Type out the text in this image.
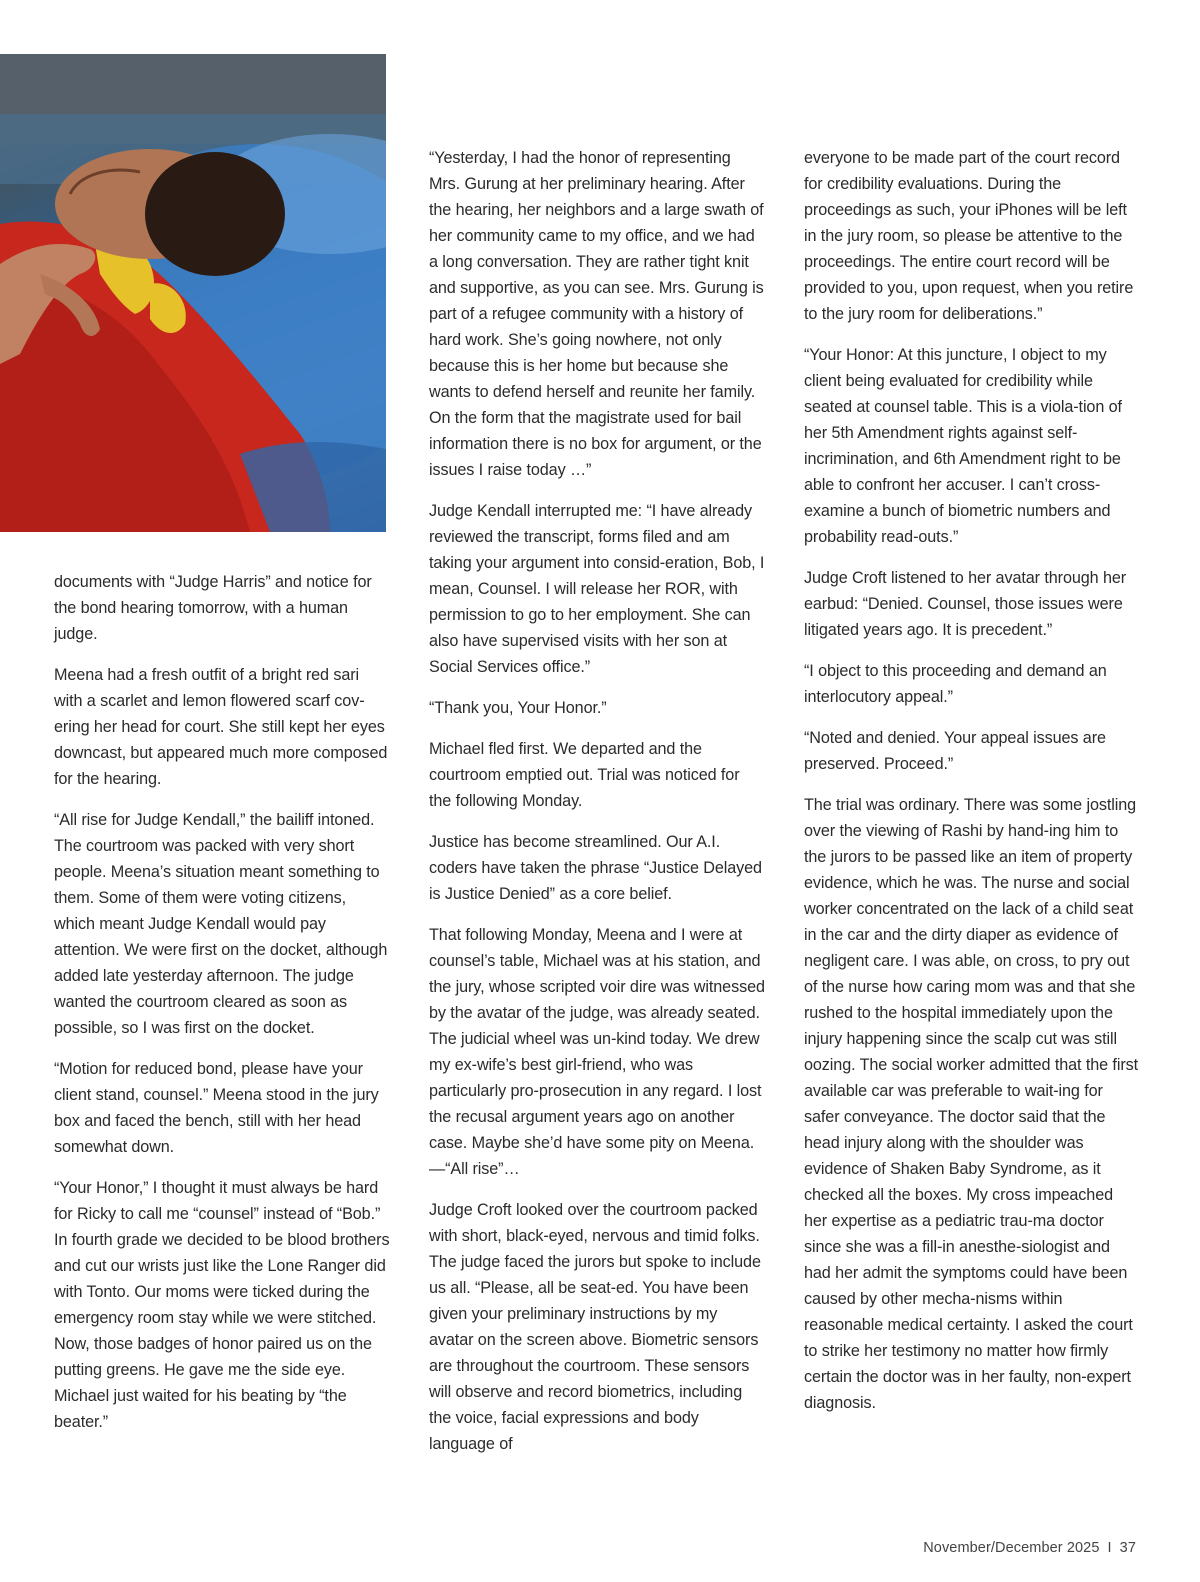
documents with “Judge Harris” and notice for the bond hearing tomorrow, with a human judge.

Meena had a fresh outfit of a bright red sari with a scarlet and lemon flowered scarf cov-ering her head for court. She still kept her eyes downcast, but appeared much more composed for the hearing.

“All rise for Judge Kendall,” the bailiff intoned. The courtroom was packed with very short people. Meena’s situation meant something to them. Some of them were voting citizens, which meant Judge Kendall would pay attention. We were first on the docket, although added late yesterday afternoon. The judge wanted the courtroom cleared as soon as possible, so I was first on the docket.

“Motion for reduced bond, please have your client stand, counsel.” Meena stood in the jury box and faced the bench, still with her head somewhat down.

“Your Honor,” I thought it must always be hard for Ricky to call me “counsel” instead of “Bob.” In fourth grade we decided to be blood brothers and cut our wrists just like the Lone Ranger did with Tonto. Our moms were ticked during the emergency room stay while we were stitched. Now, those badges of honor paired us on the putting greens. He gave me the side eye. Michael just waited for his beating by “the beater.”

“Yesterday, I had the honor of representing Mrs. Gurung at her preliminary hearing. After the hearing, her neighbors and a large swath of her community came to my office, and we had a long conversation. They are rather tight knit and supportive, as you can see. Mrs. Gurung is part of a refugee community with a history of hard work. She’s going nowhere, not only because this is her home but because she wants to defend herself and reunite her family. On the form that the magistrate used for bail information there is no box for argument, or the issues I raise today …”

Judge Kendall interrupted me: “I have already reviewed the transcript, forms filed and am taking your argument into consid-eration, Bob, I mean, Counsel. I will release her ROR, with permission to go to her employment. She can also have supervised visits with her son at Social Services office.”

“Thank you, Your Honor.”

Michael fled first. We departed and the courtroom emptied out. Trial was noticed for the following Monday.

Justice has become streamlined. Our A.I. coders have taken the phrase “Justice Delayed is Justice Denied” as a core belief.

That following Monday, Meena and I were at counsel’s table, Michael was at his station, and the jury, whose scripted voir dire was witnessed by the avatar of the judge, was already seated. The judicial wheel was un-kind today. We drew my ex-wife’s best girl-friend, who was particularly pro-prosecution in any regard. I lost the recusal argument years ago on another case. Maybe she’d have some pity on Meena. —“All rise”…

Judge Croft looked over the courtroom packed with short, black-eyed, nervous and timid folks. The judge faced the jurors but spoke to include us all. “Please, all be seat-ed. You have been given your preliminary instructions by my avatar on the screen above. Biometric sensors are throughout the courtroom. These sensors will observe and record biometrics, including the voice, facial expressions and body language of

everyone to be made part of the court record for credibility evaluations. During the proceedings as such, your iPhones will be left in the jury room, so please be attentive to the proceedings. The entire court record will be provided to you, upon request, when you retire to the jury room for deliberations.”

“Your Honor: At this juncture, I object to my client being evaluated for credibility while seated at counsel table. This is a viola-tion of her 5th Amendment rights against self-incrimination, and 6th Amendment right to be able to confront her accuser. I can’t cross-examine a bunch of biometric numbers and probability read-outs.”

Judge Croft listened to her avatar through her earbud: “Denied. Counsel, those issues were litigated years ago. It is precedent.”

“I object to this proceeding and demand an interlocutory appeal.”

“Noted and denied. Your appeal issues are preserved. Proceed.”

The trial was ordinary. There was some jostling over the viewing of Rashi by hand-ing him to the jurors to be passed like an item of property evidence, which he was. The nurse and social worker concentrated on the lack of a child seat in the car and the dirty diaper as evidence of negligent care. I was able, on cross, to pry out of the nurse how caring mom was and that she rushed to the hospital immediately upon the injury happening since the scalp cut was still oozing. The social worker admitted that the first available car was preferable to wait-ing for safer conveyance. The doctor said that the head injury along with the shoulder was evidence of Shaken Baby Syndrome, as it checked all the boxes. My cross impeached her expertise as a pediatric trau-ma doctor since she was a fill-in anesthe-siologist and had her admit the symptoms could have been caused by other mecha-nisms within reasonable medical certainty. I asked the court to strike her testimony no matter how firmly certain the doctor was in her faulty, non-expert diagnosis.

November/December 2025 I 37
